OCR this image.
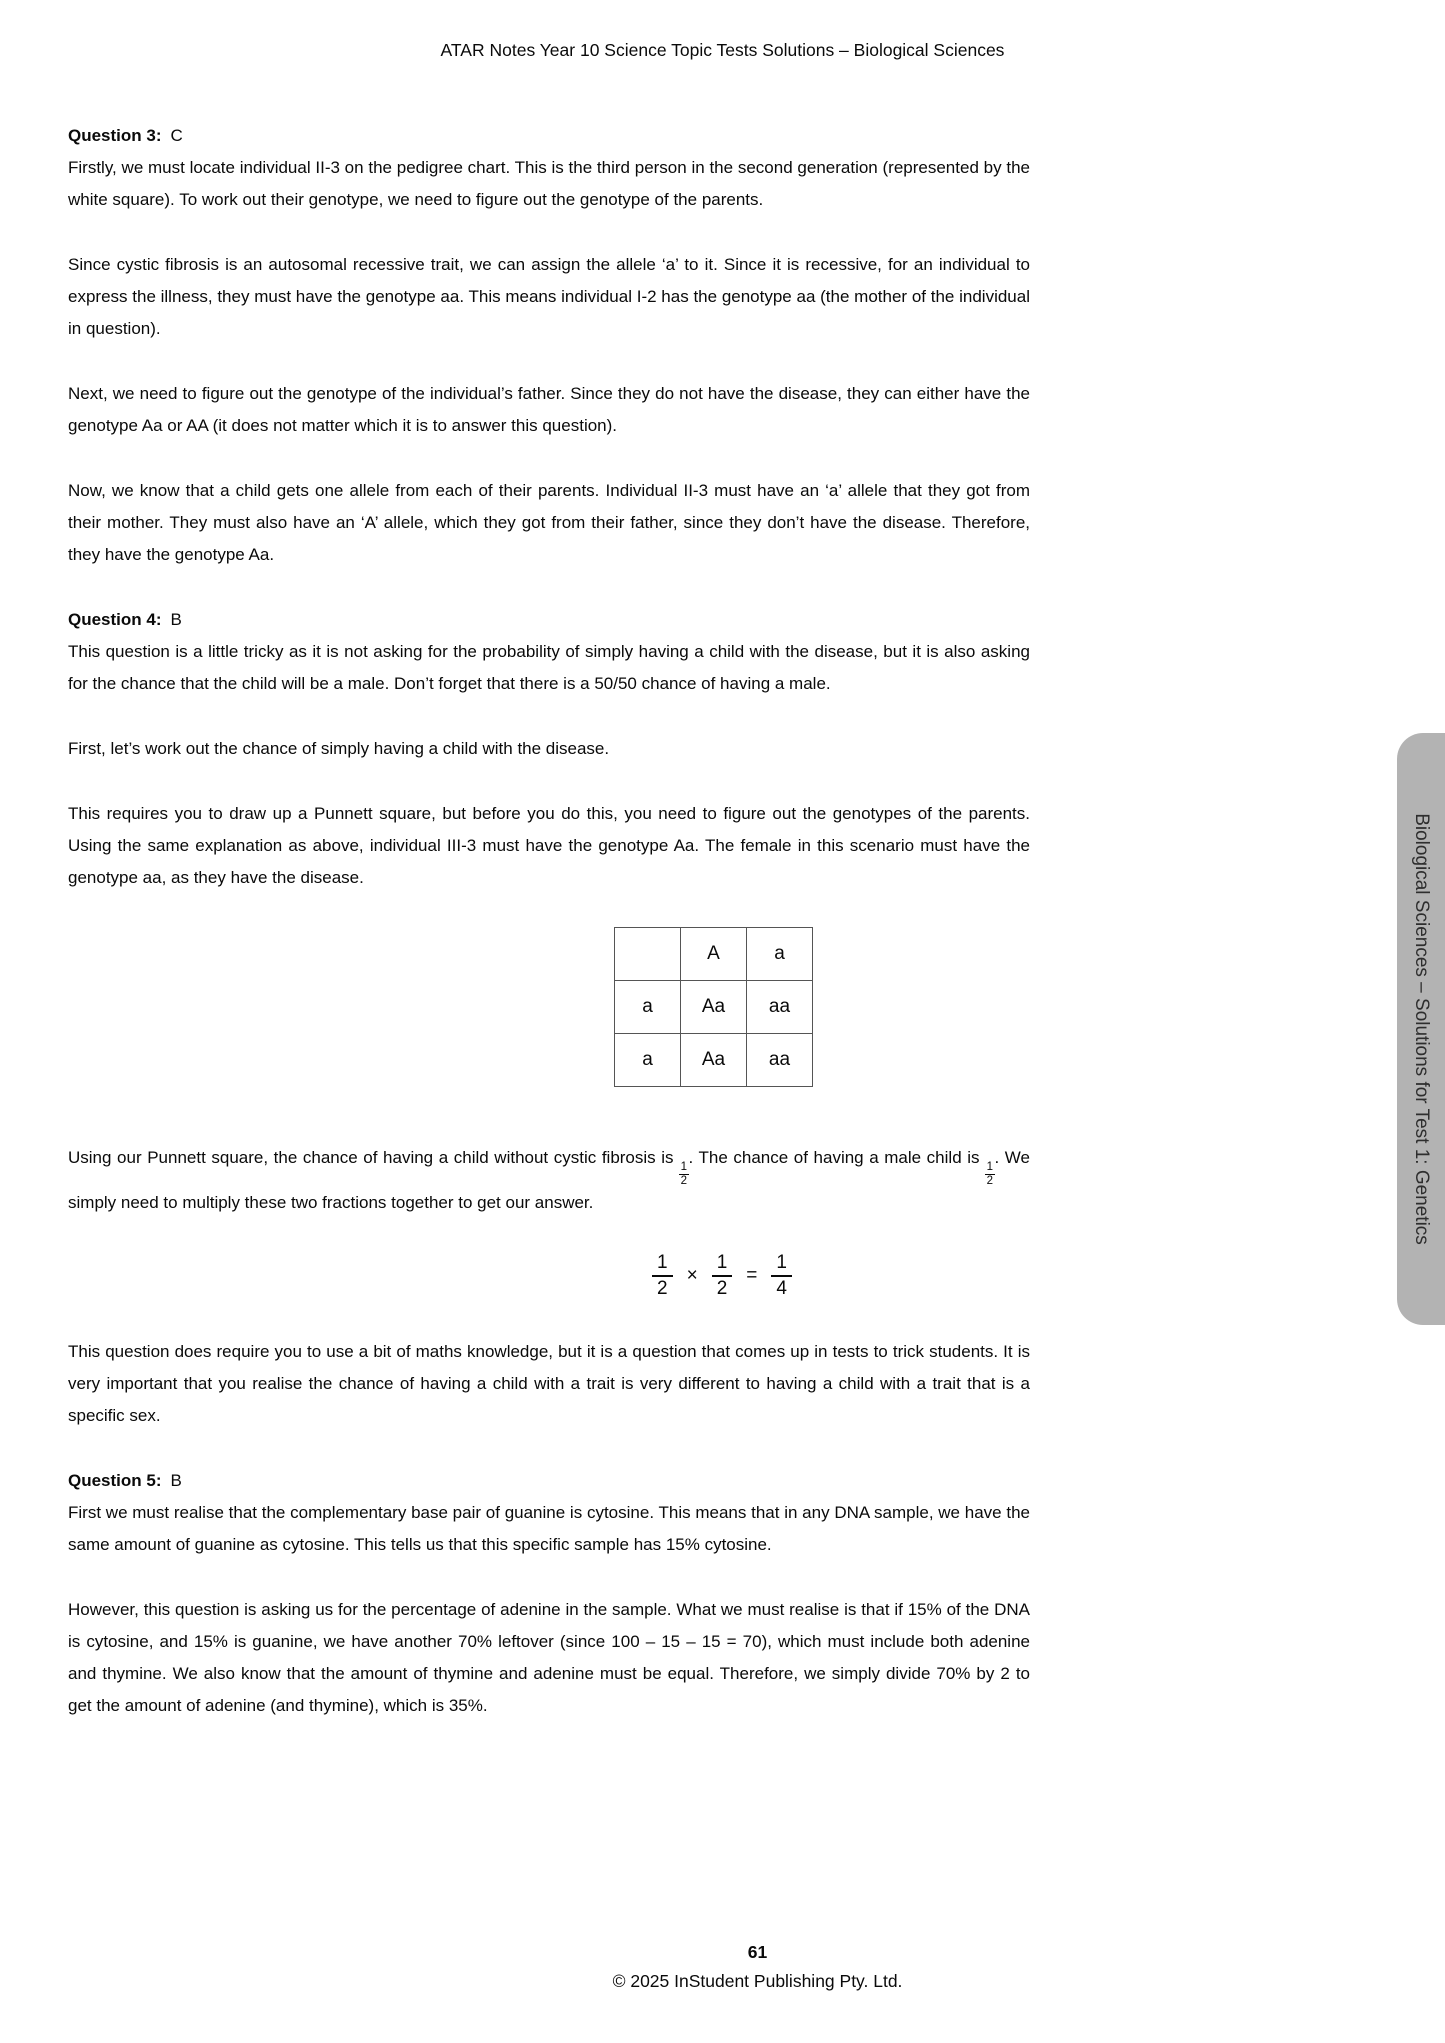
ATAR Notes Year 10 Science Topic Tests Solutions – Biological Sciences
Question 3: C

Firstly, we must locate individual II-3 on the pedigree chart. This is the third person in the second generation (represented by the white square). To work out their genotype, we need to figure out the genotype of the parents.

Since cystic fibrosis is an autosomal recessive trait, we can assign the allele ‘a’ to it. Since it is recessive, for an individual to express the illness, they must have the genotype aa. This means individual I-2 has the genotype aa (the mother of the individual in question).

Next, we need to figure out the genotype of the individual’s father. Since they do not have the disease, they can either have the genotype Aa or AA (it does not matter which it is to answer this question).

Now, we know that a child gets one allele from each of their parents. Individual II-3 must have an ‘a’ allele that they got from their mother. They must also have an ‘A’ allele, which they got from their father, since they don’t have the disease. Therefore, they have the genotype Aa.

Question 4: B

This question is a little tricky as it is not asking for the probability of simply having a child with the disease, but it is also asking for the chance that the child will be a male. Don’t forget that there is a 50/50 chance of having a male.

First, let’s work out the chance of simply having a child with the disease.

This requires you to draw up a Punnett square, but before you do this, you need to figure out the genotypes of the parents. Using the same explanation as above, individual III-3 must have the genotype Aa. The female in this scenario must have the genotype aa, as they have the disease.

	A	a
a	Aa	aa
a	Aa	aa

Using our Punnett square, the chance of having a child without cystic fibrosis is
$\frac{1}{2}$
. The chance of having a male child is
$\frac{1}{2}$
. We simply need to multiply these two fractions together to get our answer.

$\frac{1}{2} \times \frac{1}{2} = \frac{1}{4}$

This question does require you to use a bit of maths knowledge, but it is a question that comes up in tests to trick students. It is very important that you realise the chance of having a child with a trait is very different to having a child with a trait that is a specific sex.

Question 5: B

First we must realise that the complementary base pair of guanine is cytosine. This means that in any DNA sample, we have the same amount of guanine as cytosine. This tells us that this specific sample has 15% cytosine.

However, this question is asking us for the percentage of adenine in the sample. What we must realise is that if 15% of the DNA is cytosine, and 15% is guanine, we have another 70% leftover (since 100 – 15 – 15 = 70), which must include both adenine and thymine. We also know that the amount of thymine and adenine must be equal. Therefore, we simply divide 70% by 2 to get the amount of adenine (and thymine), which is 35%.

Biological Sciences – Solutions for Test 1: Genetics
61
© 2025 InStudent Publishing Pty. Ltd.
